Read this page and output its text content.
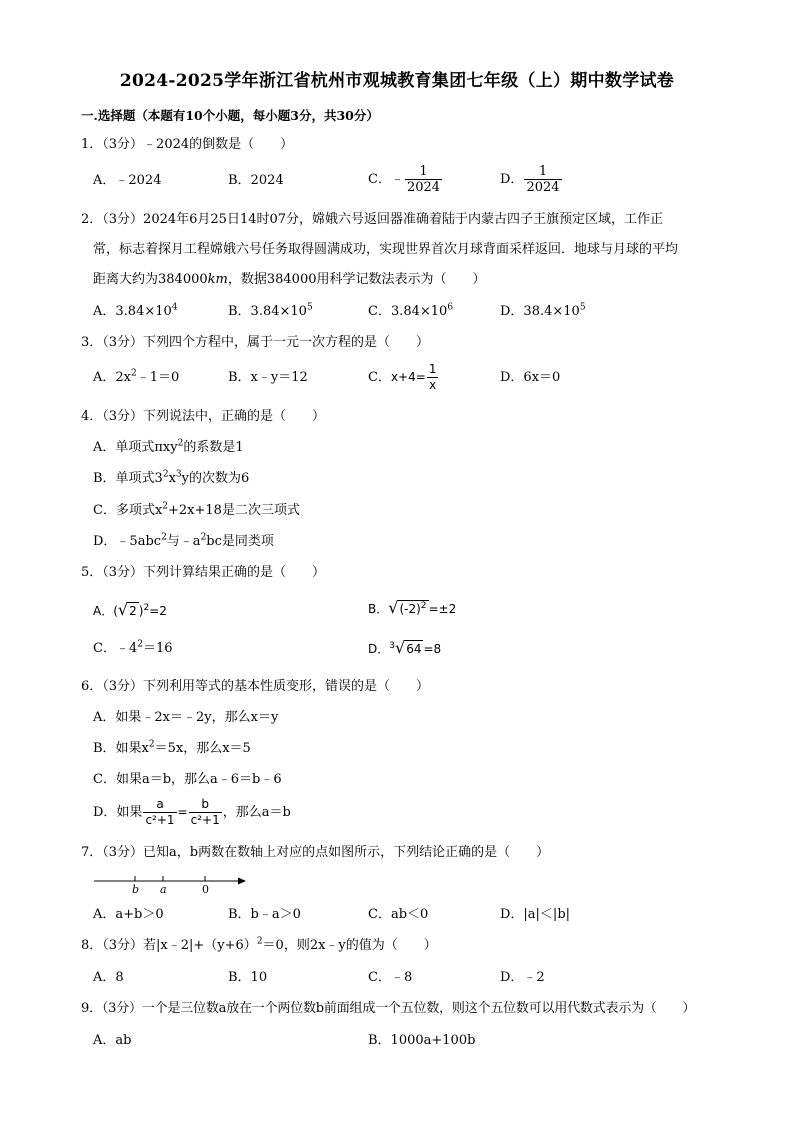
2024-2025学年浙江省杭州市观城教育集团七年级（上）期中数学试卷
一.选择题（本题有10个小题，每小题3分，共30分）
1．（3分）﹣2024的倒数是（　　）
A．﹣2024	B．2024	C．﹣ $\frac{1}{2024}$	D． $\frac{1}{2024}$
2．（3分）2024年6月25日14时07分，嫦娥六号返回器准确着陆于内蒙古四子王旗预定区域，工作正
常，标志着探月工程嫦娥六号任务取得圆满成功，实现世界首次月球背面采样返回．地球与月球的平均
距离大约为384000km，数据384000用科学记数法表示为（　　）
A．$3.84\times 10^4$	B．$3.84\times 10^5$	C．$3.84\times 10^6$	D．$38.4\times 10^5$
3．（3分）下列四个方程中，属于一元一次方程的是（　　）
A．$2x^2﹣1=0$	B．x﹣y＝12	C．$x+4= \frac{1}{x}$	D．6x＝0
4．（3分）下列说法中，正确的是（　　）
A．单项式πxy$^2$的系数是1
B．单项式$3^2x^3y$的次数为6
C．多项式$x^2+2x+18$是二次三项式
D．﹣5abc$^2$与$﹣a^2bc$是同类项
5．（3分）下列计算结果正确的是（　　）
A．(√2 )$^2$=2	B．$√(-2)^2 =\pm 2$
C．$﹣4^2=16$	D．$^3$√64 =8
6．（3分）下列利用等式的基本性质变形，错误的是（　　）
A．如果﹣2x＝﹣2y，那么x＝y
B．如果$x^2=5x$，那么x＝5
C．如果a＝b，那么a﹣6＝b﹣6
D．如果 $\frac{a}{\text{c²+1}} = \frac{b}{\text{c²+1}}$ ，那么a＝b
7．（3分）已知a，b两数在数轴上对应的点如图所示，下列结论正确的是（　　）
b a	0
A．a+b＞0	B．b﹣a＞0	C．ab＜0	D．|a|＜|b|
8．（3分）若$|x﹣2|+(y+6)^2=0$，则2x﹣y的值为（　　）
A．8	B．10	C．﹣8	D．﹣2
9．（3分）一个是三位数a放在一个两位数b前面组成一个五位数，则这个五位数可以用代数式表示为（　　）
A．ab	B．1000a+100b
